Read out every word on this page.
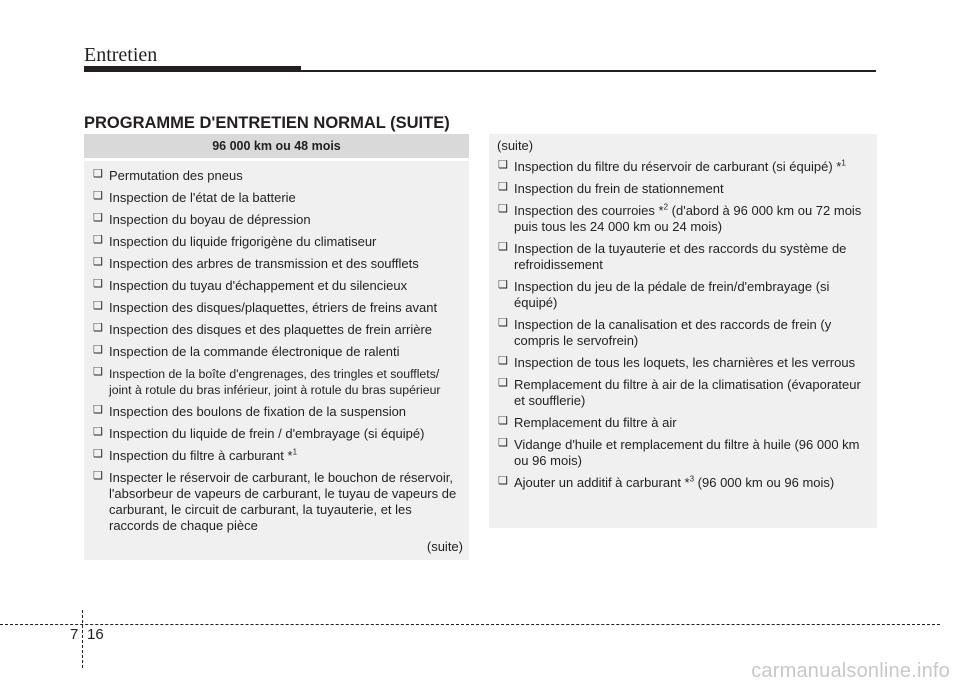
Entretien
PROGRAMME D'ENTRETIEN NORMAL (SUITE)
96 000 km ou 48 mois
❑ Permutation des pneus
❑ Inspection de l'état de la batterie
❑ Inspection du boyau de dépression
❑ Inspection du liquide frigorigène du climatiseur
❑ Inspection des arbres de transmission et des soufflets
❑ Inspection du tuyau d'échappement et du silencieux
❑ Inspection des disques/plaquettes, étriers de freins avant
❑ Inspection des disques et des plaquettes de frein arrière
❑ Inspection de la commande électronique de ralenti
❑ Inspection de la boîte d'engrenages, des tringles et soufflets/ joint à rotule du bras inférieur, joint à rotule du bras supérieur
❑ Inspection des boulons de fixation de la suspension
❑ Inspection du liquide de frein / d'embrayage (si équipé)
❑ Inspection du filtre à carburant *$^1$
❑ Inspecter le réservoir de carburant, le bouchon de réservoir, l'absorbeur de vapeurs de carburant, le tuyau de vapeurs de carburant, le circuit de carburant, la tuyauterie, et les raccords de chaque pièce
(suite)
(suite)
❑ Inspection du filtre du réservoir de carburant (si équipé) *$^1$
❑ Inspection du frein de stationnement
❑ Inspection des courroies *$^2$ (d'abord à 96 000 km ou 72 mois puis tous les 24 000 km ou 24 mois)
❑ Inspection de la tuyauterie et des raccords du système de refroidissement
❑ Inspection du jeu de la pédale de frein/d'embrayage (si équipé)
❑ Inspection de la canalisation et des raccords de frein (y compris le servofrein)
❑ Inspection de tous les loquets, les charnières et les verrous
❑ Remplacement du filtre à air de la climatisation (évaporateur et soufflerie)
❑ Remplacement du filtre à air
❑ Vidange d'huile et remplacement du filtre à huile (96 000 km ou 96 mois)
❑ Ajouter un additif à carburant *$^3$ (96 000 km ou 96 mois)
7 16
carmanualsonline.info
